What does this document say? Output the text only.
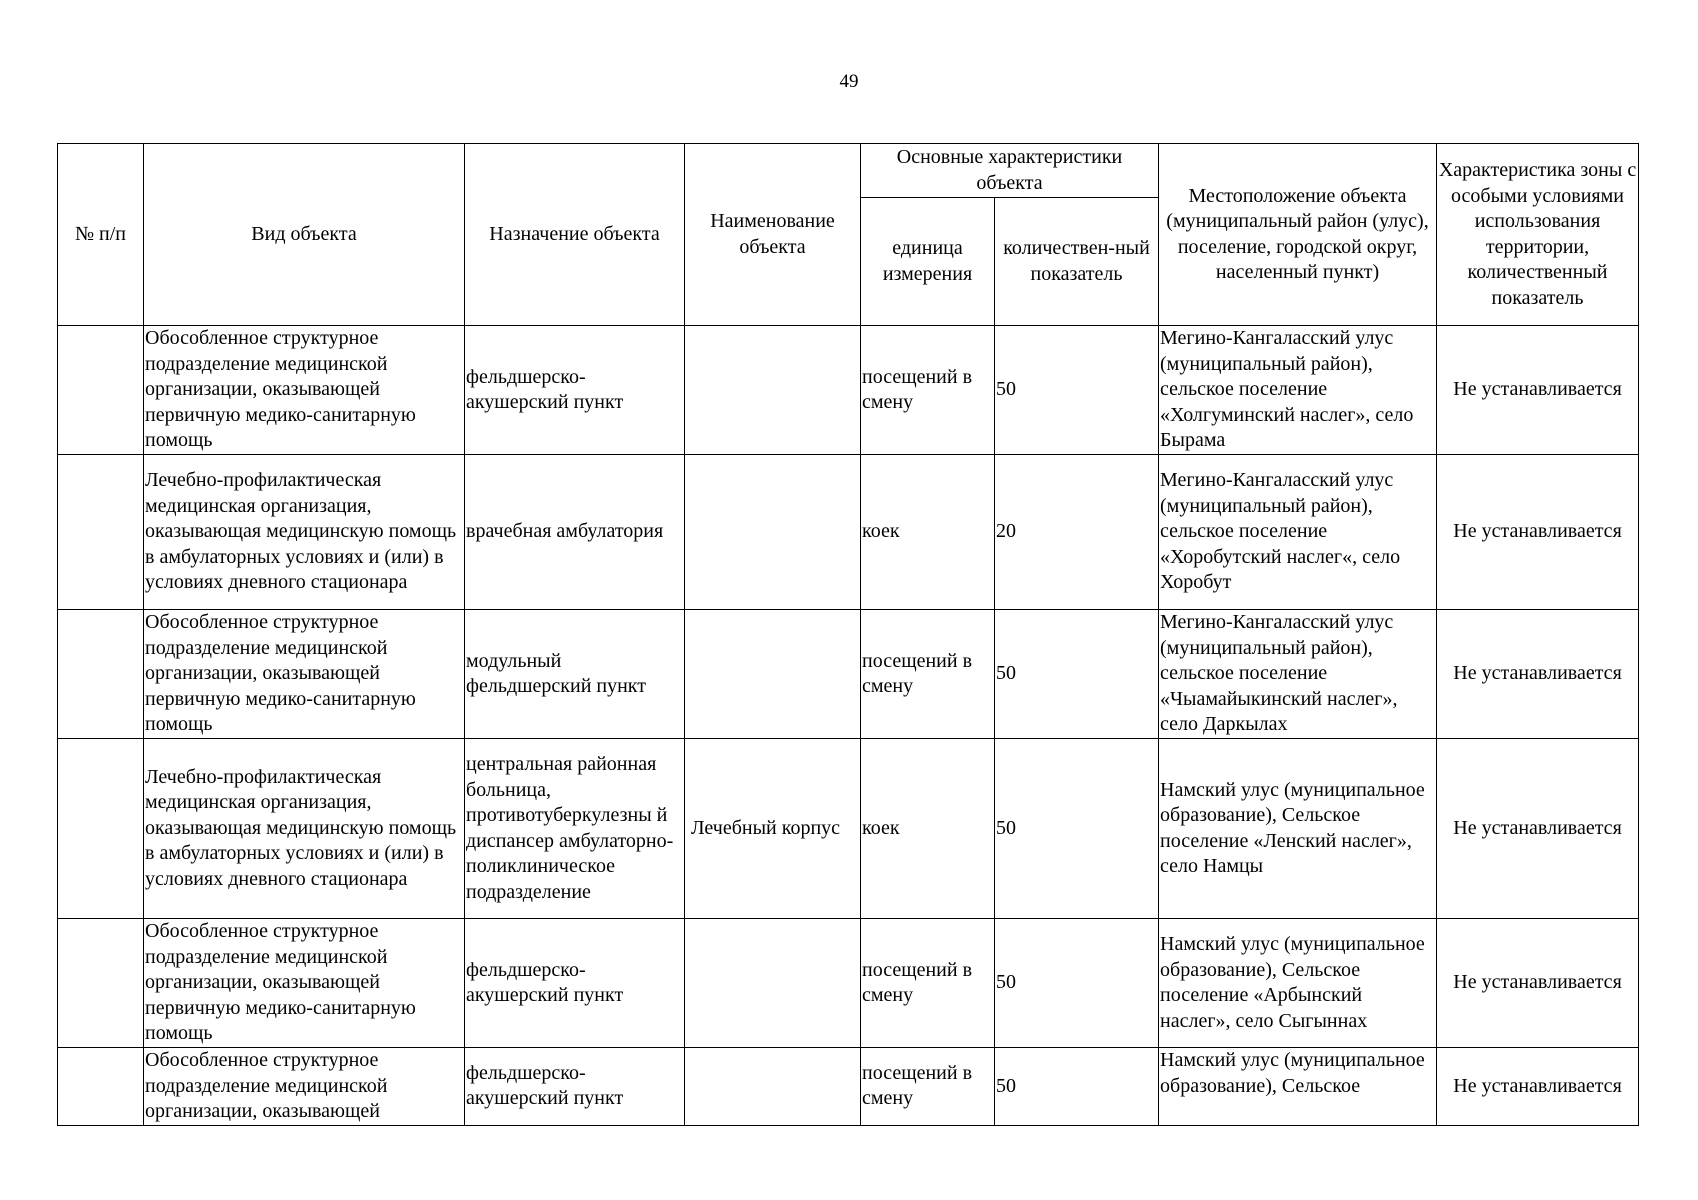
49
№ п/п	Вид объекта	Назначение объекта	Наименование объекта	Основные характеристики объекта		Местоположение объекта (муниципальный район (улус), поселение, городской округ, населенный пункт)	Характеристика зоны с особыми условиями использования территории, количественный показатель
				единица измерения	количествен-ный показатель		
	Обособленное структурное подразделение медицинской организации, оказывающей первичную медико-санитарную помощь	фельдшерско-акушерский пункт		посещений в смену	50	Мегино-Кангаласский улус (муниципальный район), сельское поселение «Холгуминский наслег», село Бырама	Не устанавливается
	Лечебно-профилактическая медицинская организация, оказывающая медицинскую помощь в амбулаторных условиях и (или) в условиях дневного стационара	врачебная амбулатория		коек	20	Мегино-Кангаласский улус (муниципальный район), сельское поселение «Хоробутский наслег«, село Хоробут	Не устанавливается
	Обособленное структурное подразделение медицинской организации, оказывающей первичную медико-санитарную помощь	модульный фельдшерский пункт		посещений в смену	50	Мегино-Кангаласский улус (муниципальный район), сельское поселение «Чыамайыкинский наслег», село Даркылах	Не устанавливается
	Лечебно-профилактическая медицинская организация, оказывающая медицинскую помощь в амбулаторных условиях и (или) в условиях дневного стационара	центральная районная больница, противотуберкулезны й диспансер амбулаторно-поликлиническое подразделение	Лечебный корпус	коек	50	Намский улус (муниципальное образование), Сельское поселение «Ленский наслег», село Намцы	Не устанавливается
	Обособленное структурное подразделение медицинской организации, оказывающей первичную медико-санитарную помощь	фельдшерско-акушерский пункт		посещений в смену	50	Намский улус (муниципальное образование), Сельское поселение «Арбынский наслег», село Сыгыннах	Не устанавливается
	Обособленное структурное подразделение медицинской организации, оказывающей	фельдшерско-акушерский пункт		посещений в смену	50	Намский улус (муниципальное образование), Сельское	Не устанавливается
